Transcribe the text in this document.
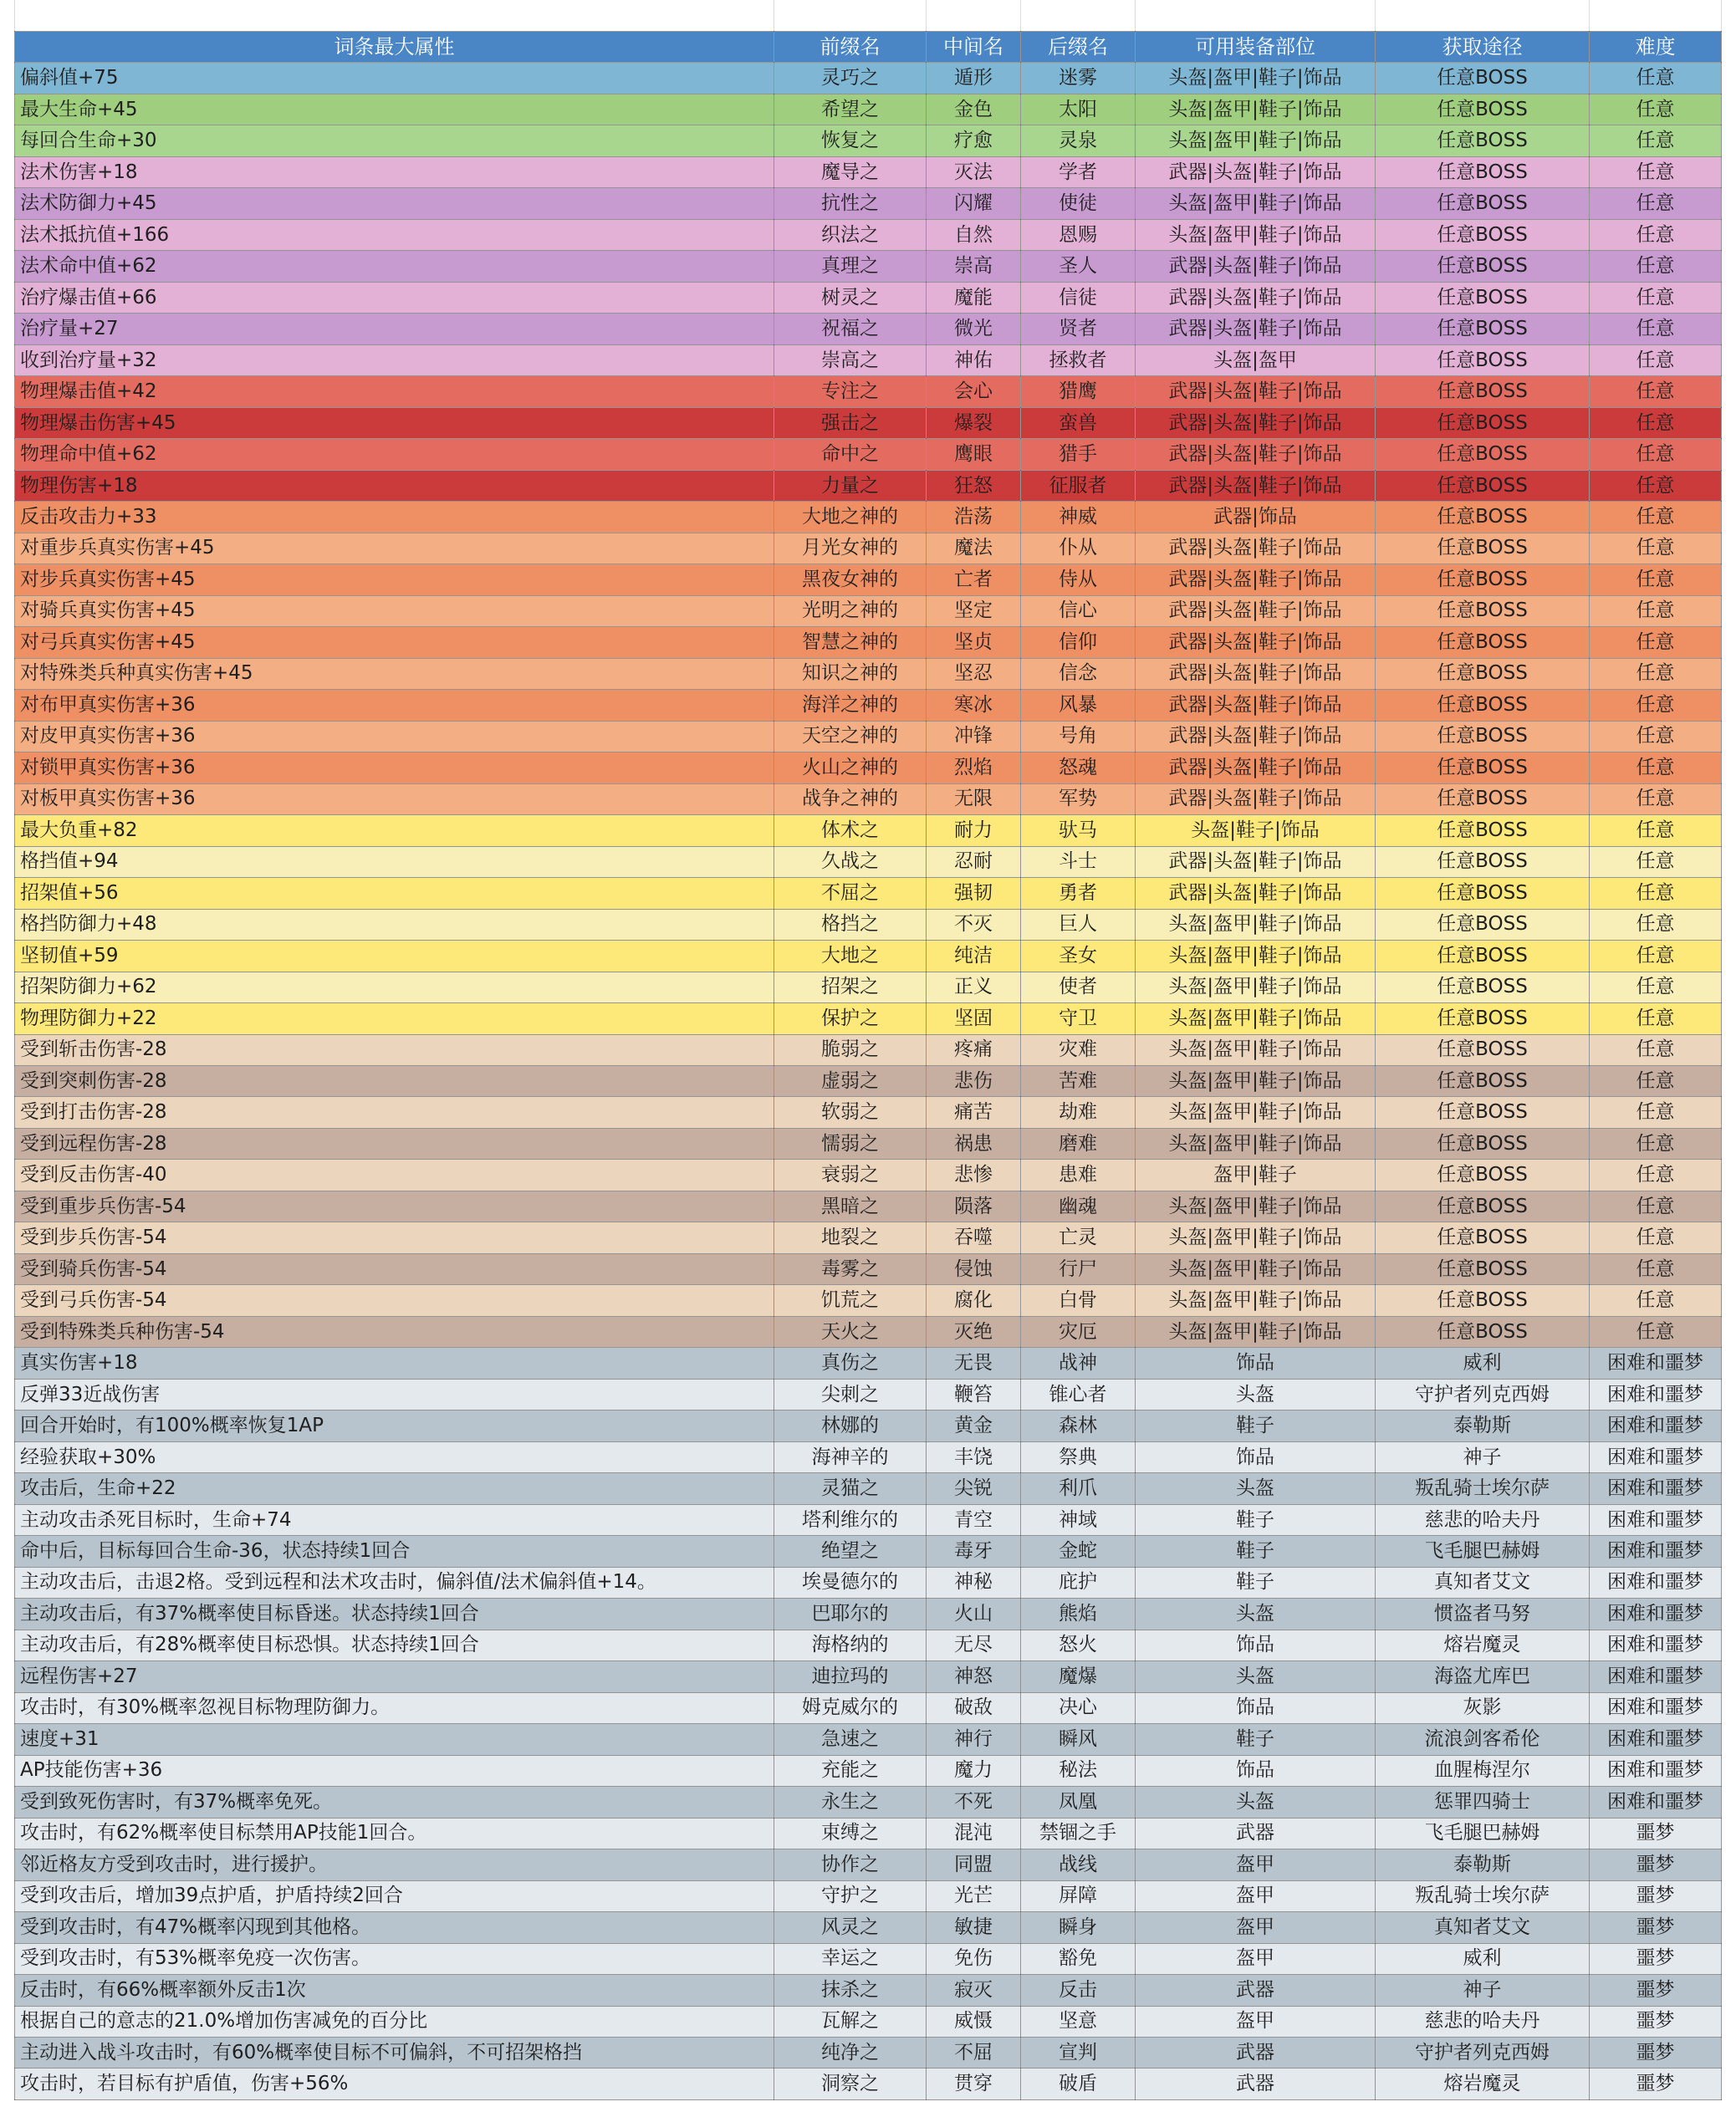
词条最大属性	前缀名	中间名	后缀名	可用装备部位	获取途径	难度
偏斜值+75	灵巧之	遁形	迷雾	头盔|盔甲|鞋子|饰品	任意BOSS	任意
最大生命+45	希望之	金色	太阳	头盔|盔甲|鞋子|饰品	任意BOSS	任意
每回合生命+30	恢复之	疗愈	灵泉	头盔|盔甲|鞋子|饰品	任意BOSS	任意
法术伤害+18	魔导之	灭法	学者	武器|头盔|鞋子|饰品	任意BOSS	任意
法术防御力+45	抗性之	闪耀	使徒	头盔|盔甲|鞋子|饰品	任意BOSS	任意
法术抵抗值+166	织法之	自然	恩赐	头盔|盔甲|鞋子|饰品	任意BOSS	任意
法术命中值+62	真理之	崇高	圣人	武器|头盔|鞋子|饰品	任意BOSS	任意
治疗爆击值+66	树灵之	魔能	信徒	武器|头盔|鞋子|饰品	任意BOSS	任意
治疗量+27	祝福之	微光	贤者	武器|头盔|鞋子|饰品	任意BOSS	任意
收到治疗量+32	崇高之	神佑	拯救者	头盔|盔甲	任意BOSS	任意
物理爆击值+42	专注之	会心	猎鹰	武器|头盔|鞋子|饰品	任意BOSS	任意
物理爆击伤害+45	强击之	爆裂	蛮兽	武器|头盔|鞋子|饰品	任意BOSS	任意
物理命中值+62	命中之	鹰眼	猎手	武器|头盔|鞋子|饰品	任意BOSS	任意
物理伤害+18	力量之	狂怒	征服者	武器|头盔|鞋子|饰品	任意BOSS	任意
反击攻击力+33	大地之神的	浩荡	神威	武器|饰品	任意BOSS	任意
对重步兵真实伤害+45	月光女神的	魔法	仆从	武器|头盔|鞋子|饰品	任意BOSS	任意
对步兵真实伤害+45	黑夜女神的	亡者	侍从	武器|头盔|鞋子|饰品	任意BOSS	任意
对骑兵真实伤害+45	光明之神的	坚定	信心	武器|头盔|鞋子|饰品	任意BOSS	任意
对弓兵真实伤害+45	智慧之神的	坚贞	信仰	武器|头盔|鞋子|饰品	任意BOSS	任意
对特殊类兵种真实伤害+45	知识之神的	坚忍	信念	武器|头盔|鞋子|饰品	任意BOSS	任意
对布甲真实伤害+36	海洋之神的	寒冰	风暴	武器|头盔|鞋子|饰品	任意BOSS	任意
对皮甲真实伤害+36	天空之神的	冲锋	号角	武器|头盔|鞋子|饰品	任意BOSS	任意
对锁甲真实伤害+36	火山之神的	烈焰	怒魂	武器|头盔|鞋子|饰品	任意BOSS	任意
对板甲真实伤害+36	战争之神的	无限	军势	武器|头盔|鞋子|饰品	任意BOSS	任意
最大负重+82	体术之	耐力	驮马	头盔|鞋子|饰品	任意BOSS	任意
格挡值+94	久战之	忍耐	斗士	武器|头盔|鞋子|饰品	任意BOSS	任意
招架值+56	不屈之	强韧	勇者	武器|头盔|鞋子|饰品	任意BOSS	任意
格挡防御力+48	格挡之	不灭	巨人	头盔|盔甲|鞋子|饰品	任意BOSS	任意
坚韧值+59	大地之	纯洁	圣女	头盔|盔甲|鞋子|饰品	任意BOSS	任意
招架防御力+62	招架之	正义	使者	头盔|盔甲|鞋子|饰品	任意BOSS	任意
物理防御力+22	保护之	坚固	守卫	头盔|盔甲|鞋子|饰品	任意BOSS	任意
受到斩击伤害-28	脆弱之	疼痛	灾难	头盔|盔甲|鞋子|饰品	任意BOSS	任意
受到突刺伤害-28	虚弱之	悲伤	苦难	头盔|盔甲|鞋子|饰品	任意BOSS	任意
受到打击伤害-28	软弱之	痛苦	劫难	头盔|盔甲|鞋子|饰品	任意BOSS	任意
受到远程伤害-28	懦弱之	祸患	磨难	头盔|盔甲|鞋子|饰品	任意BOSS	任意
受到反击伤害-40	衰弱之	悲惨	患难	盔甲|鞋子	任意BOSS	任意
受到重步兵伤害-54	黑暗之	陨落	幽魂	头盔|盔甲|鞋子|饰品	任意BOSS	任意
受到步兵伤害-54	地裂之	吞噬	亡灵	头盔|盔甲|鞋子|饰品	任意BOSS	任意
受到骑兵伤害-54	毒雾之	侵蚀	行尸	头盔|盔甲|鞋子|饰品	任意BOSS	任意
受到弓兵伤害-54	饥荒之	腐化	白骨	头盔|盔甲|鞋子|饰品	任意BOSS	任意
受到特殊类兵种伤害-54	天火之	灭绝	灾厄	头盔|盔甲|鞋子|饰品	任意BOSS	任意
真实伤害+18	真伤之	无畏	战神	饰品	威利	困难和噩梦
反弹33近战伤害	尖刺之	鞭笞	锥心者	头盔	守护者列克西姆	困难和噩梦
回合开始时，有100%概率恢复1AP	林娜的	黄金	森林	鞋子	泰勒斯	困难和噩梦
经验获取+30%	海神辛的	丰饶	祭典	饰品	神子	困难和噩梦
攻击后，生命+22	灵猫之	尖锐	利爪	头盔	叛乱骑士埃尔萨	困难和噩梦
主动攻击杀死目标时，生命+74	塔利维尔的	青空	神域	鞋子	慈悲的哈夫丹	困难和噩梦
命中后，目标每回合生命-36，状态持续1回合	绝望之	毒牙	金蛇	鞋子	飞毛腿巴赫姆	困难和噩梦
主动攻击后，击退2格。受到远程和法术攻击时，偏斜值/法术偏斜值+14。	埃曼德尔的	神秘	庇护	鞋子	真知者艾文	困难和噩梦
主动攻击后，有37%概率使目标昏迷。状态持续1回合	巴耶尔的	火山	熊焰	头盔	惯盗者马努	困难和噩梦
主动攻击后，有28%概率使目标恐惧。状态持续1回合	海格纳的	无尽	怒火	饰品	熔岩魔灵	困难和噩梦
远程伤害+27	迪拉玛的	神怒	魔爆	头盔	海盗尤库巴	困难和噩梦
攻击时，有30%概率忽视目标物理防御力。	姆克威尔的	破敌	决心	饰品	灰影	困难和噩梦
速度+31	急速之	神行	瞬风	鞋子	流浪剑客希伦	困难和噩梦
AP技能伤害+36	充能之	魔力	秘法	饰品	血腥梅涅尔	困难和噩梦
受到致死伤害时，有37%概率免死。	永生之	不死	凤凰	头盔	惩罪四骑士	困难和噩梦
攻击时，有62%概率使目标禁用AP技能1回合。	束缚之	混沌	禁锢之手	武器	飞毛腿巴赫姆	噩梦
邻近格友方受到攻击时，进行援护。	协作之	同盟	战线	盔甲	泰勒斯	噩梦
受到攻击后，增加39点护盾，护盾持续2回合	守护之	光芒	屏障	盔甲	叛乱骑士埃尔萨	噩梦
受到攻击时，有47%概率闪现到其他格。	风灵之	敏捷	瞬身	盔甲	真知者艾文	噩梦
受到攻击时，有53%概率免疫一次伤害。	幸运之	免伤	豁免	盔甲	威利	噩梦
反击时，有66%概率额外反击1次	抹杀之	寂灭	反击	武器	神子	噩梦
根据自己的意志的21.0%增加伤害减免的百分比	瓦解之	威慑	坚意	盔甲	慈悲的哈夫丹	噩梦
主动进入战斗攻击时，有60%概率使目标不可偏斜，不可招架格挡	纯净之	不屈	宣判	武器	守护者列克西姆	噩梦
攻击时，若目标有护盾值，伤害+56%	洞察之	贯穿	破盾	武器	熔岩魔灵	噩梦
